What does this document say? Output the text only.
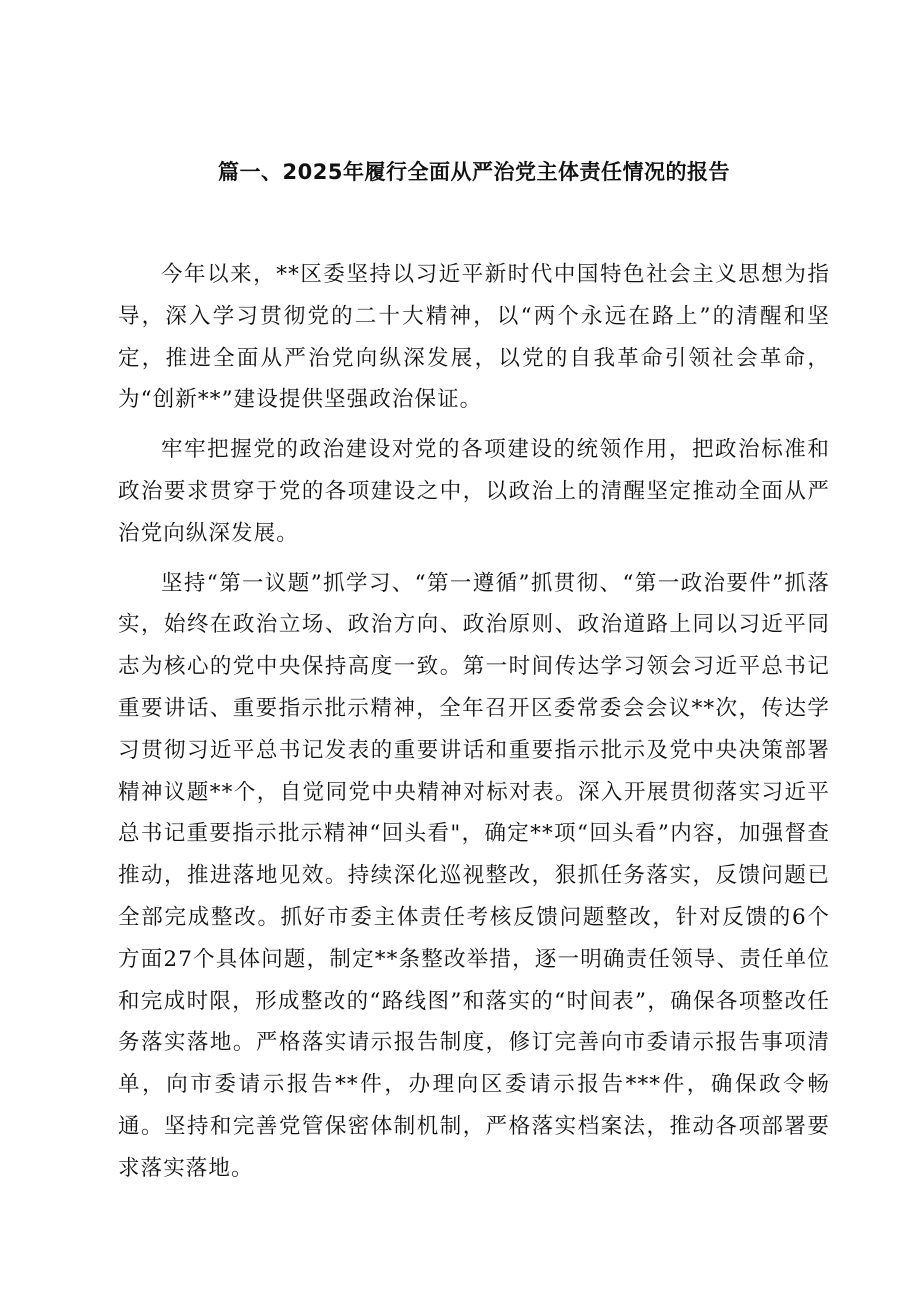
篇一、2025年履行全面从严治党主体责任情况的报告

今年以来，**区委坚持以习近平新时代中国特色社会主义思想为指导，深入学习贯彻党的二十大精神，以“两个永远在路上”的清醒和坚定，推进全面从严治党向纵深发展，以党的自我革命引领社会革命，为“创新**”建设提供坚强政治保证。

牢牢把握党的政治建设对党的各项建设的统领作用，把政治标准和政治要求贯穿于党的各项建设之中，以政治上的清醒坚定推动全面从严治党向纵深发展。

坚持“第一议题”抓学习、“第一遵循”抓贯彻、“第一政治要件”抓落实，始终在政治立场、政治方向、政治原则、政治道路上同以习近平同志为核心的党中央保持高度一致。第一时间传达学习领会习近平总书记重要讲话、重要指示批示精神，全年召开区委常委会会议**次，传达学习贯彻习近平总书记发表的重要讲话和重要指示批示及党中央决策部署精神议题**个，自觉同党中央精神对标对表。深入开展贯彻落实习近平总书记重要指示批示精神“回头看"，确定**项“回头看”内容，加强督查推动，推进落地见效。持续深化巡视整改，狠抓任务落实，反馈问题已全部完成整改。抓好市委主体责任考核反馈问题整改，针对反馈的6个方面27个具体问题，制定**条整改举措，逐一明确责任领导、责任单位和完成时限，形成整改的“路线图”和落实的“时间表”，确保各项整改任务落实落地。严格落实请示报告制度，修订完善向市委请示报告事项清单，向市委请示报告**件，办理向区委请示报告***件，确保政令畅通。坚持和完善党管保密体制机制，严格落实档案法，推动各项部署要求落实落地。
